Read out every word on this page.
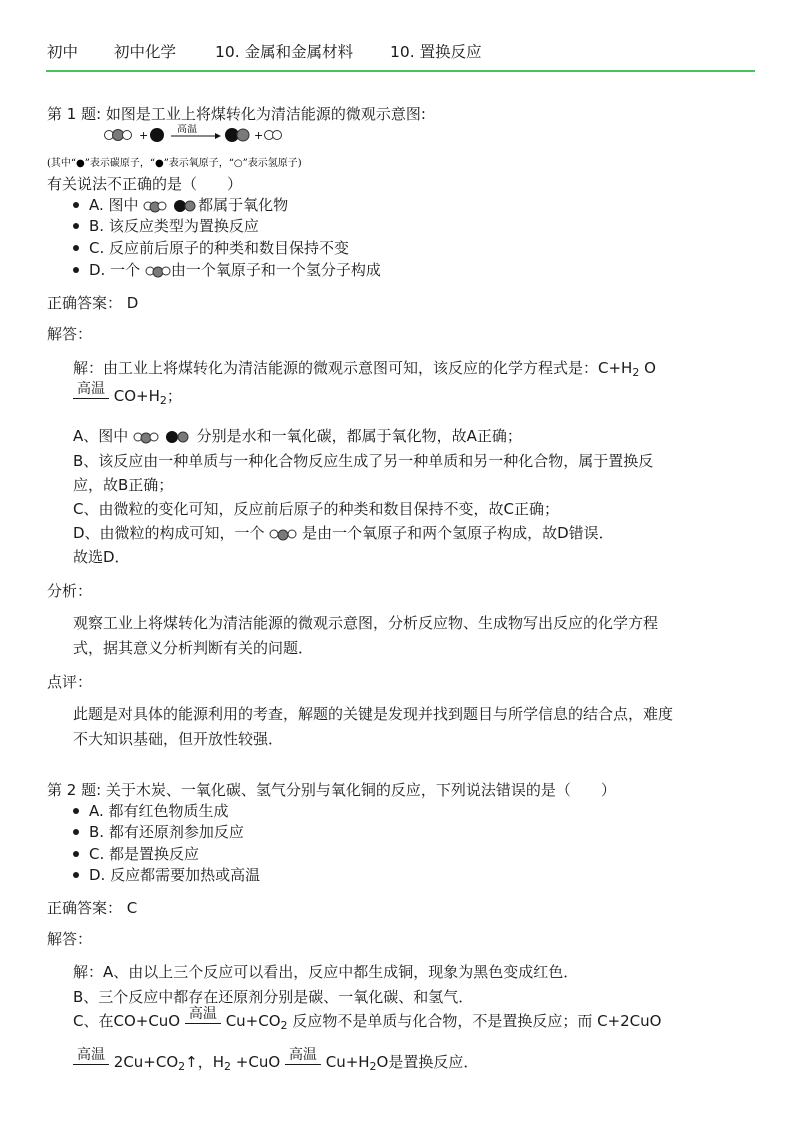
初中 初中化学	10. 金属和金属材料 10. 置换反应
第 1 题: 如图是工业上将煤转化为清洁能源的微观示意图:
+	高温	+
(其中“●”表示碳原子，“●”表示氧原子，“○”表示氢原子)
有关说法不正确的是（　　）
A. 图中	都属于氧化物
B. 该反应类型为置换反应
C. 反应前后原子的种类和数目保持不变
D. 一个 由一个氧原子和一个氢分子构成
正确答案： D
解答：
解：由工业上将煤转化为清洁能源的微观示意图可知，该反应的化学方程式是：$C+H_2$ O
高温 $CO+H_2$；
A、图中	分别是水和一氧化碳，都属于氧化物，故A正确；
B、该反应由一种单质与一种化合物反应生成了另一种单质和另一种化合物，属于置换反
应，故B正确；
C、由微粒的变化可知，反应前后原子的种类和数目保持不变，故C正确；
D、由微粒的构成可知，一个	是由一个氧原子和两个氢原子构成，故D错误．
故选D．
分析：
观察工业上将煤转化为清洁能源的微观示意图，分析反应物、生成物写出反应的化学方程
式，据其意义分析判断有关的问题．
点评：
此题是对具体的能源利用的考查，解题的关键是发现并找到题目与所学信息的结合点，难度
不大知识基础，但开放性较强．
第 2 题: 关于木炭、一氧化碳、氢气分别与氧化铜的反应，下列说法错误的是（　　）
A. 都有红色物质生成
B. 都有还原剂参加反应
C. 都是置换反应
D. 反应都需要加热或高温
正确答案： C
解答：
解：A、由以上三个反应可以看出，反应中都生成铜，现象为黑色变成红色．
B、三个反应中都存在还原剂分别是碳、一氧化碳、和氢气．
C、在CO+CuO 高温 $Cu+CO_2$ 反应物不是单质与化合物，不是置换反应；而 C+2CuO
高温 $2Cu+CO_2↑$，$H_2 +CuO$ 高温 $Cu+H_2O$是置换反应．
